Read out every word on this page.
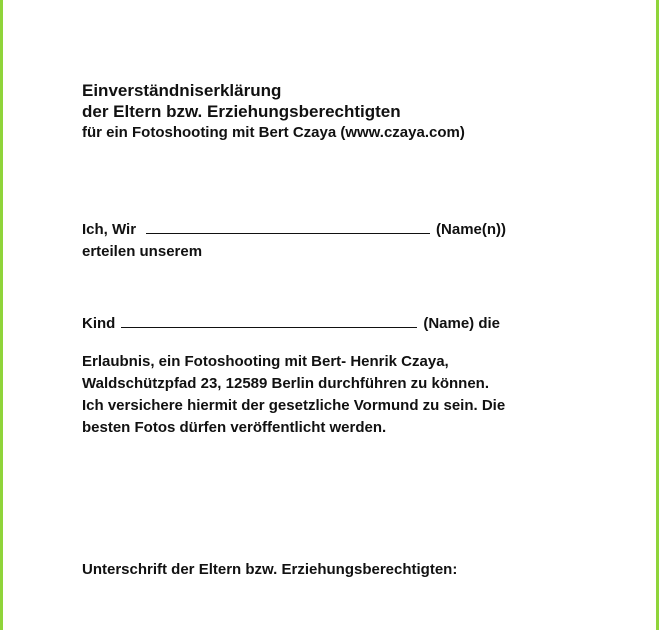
Einverständniserklärung

der Eltern bzw. Erziehungsberechtigten

für ein Fotoshooting mit Bert Czaya (www.czaya.com)

Ich, Wir	(Name(n))
erteilen unserem
Kind	(Name) die
Erlaubnis, ein Fotoshooting mit Bert- Henrik Czaya,
Waldschützpfad 23, 12589 Berlin durchführen zu können.
Ich versichere hiermit der gesetzliche Vormund zu sein. Die
besten Fotos dürfen veröffentlicht werden.
Unterschrift der Eltern bzw. Erziehungsberechtigten:
